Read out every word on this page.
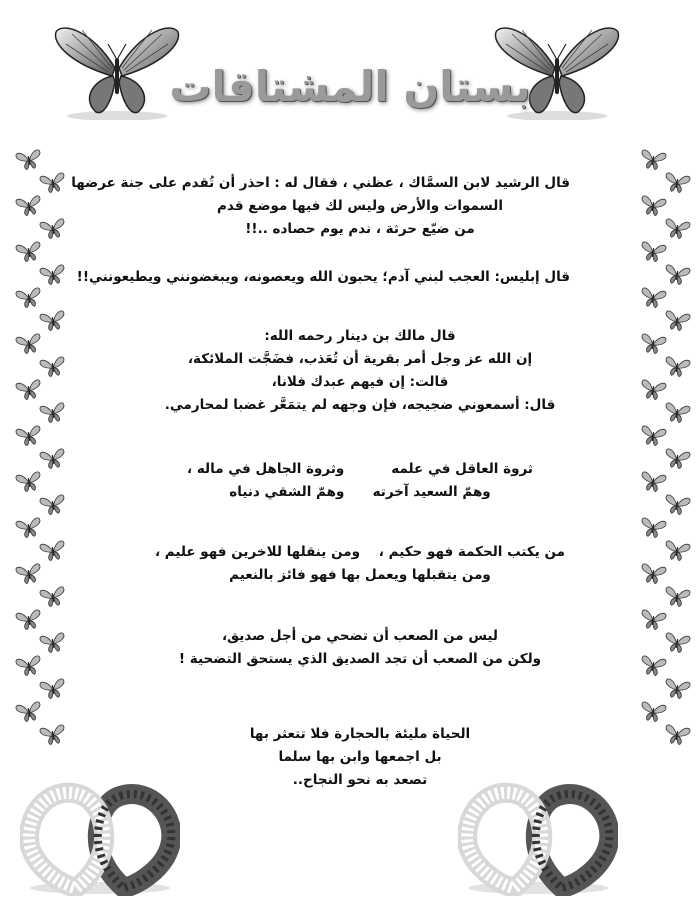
بستان المشتاقات
قال الرشيد لابن السمَّاك ، عظني ، فقال له : احذر أن تُقدم على جنة عرضها
السموات والأرض وليس لك فيها موضع قدم
من ضيّع حرثة ، ندم يوم حصاده ..!!
قال إبليس: العجب لبني آدم؛ يحبون الله ويعصونه، ويبغضونني ويطيعونني!!
قال مالك بن دينار رحمه الله:
إن الله عز وجل أمر بقرية أن تُعَذب، فضَجَّت الملائكة،
قالت: إن فيهم عبدك فلانا،
قال: أسمعوني ضجيجه، فإن وجهه لم يتمَعَّر غضبا لمحارمي.
ثروة العاقل في علمه          وثروة الجاهل في ماله ،
وهمّ السعيد آخرته      وهمّ الشقي دنياه
من يكتب الحكمة فهو حكيم ،    ومن ينقلها للاخرين فهو عليم ،
ومن يتقبلها ويعمل بها فهو فائز بالنعيم
ليس من الصعب أن تضحي من أجل صديق،
ولكن من الصعب أن تجد الصديق الذي يستحق التضحية !
الحياة مليئة بالحجارة فلا تتعثر بها
بل اجمعها وابن بها سلما
تصعد به نحو النجاح..
